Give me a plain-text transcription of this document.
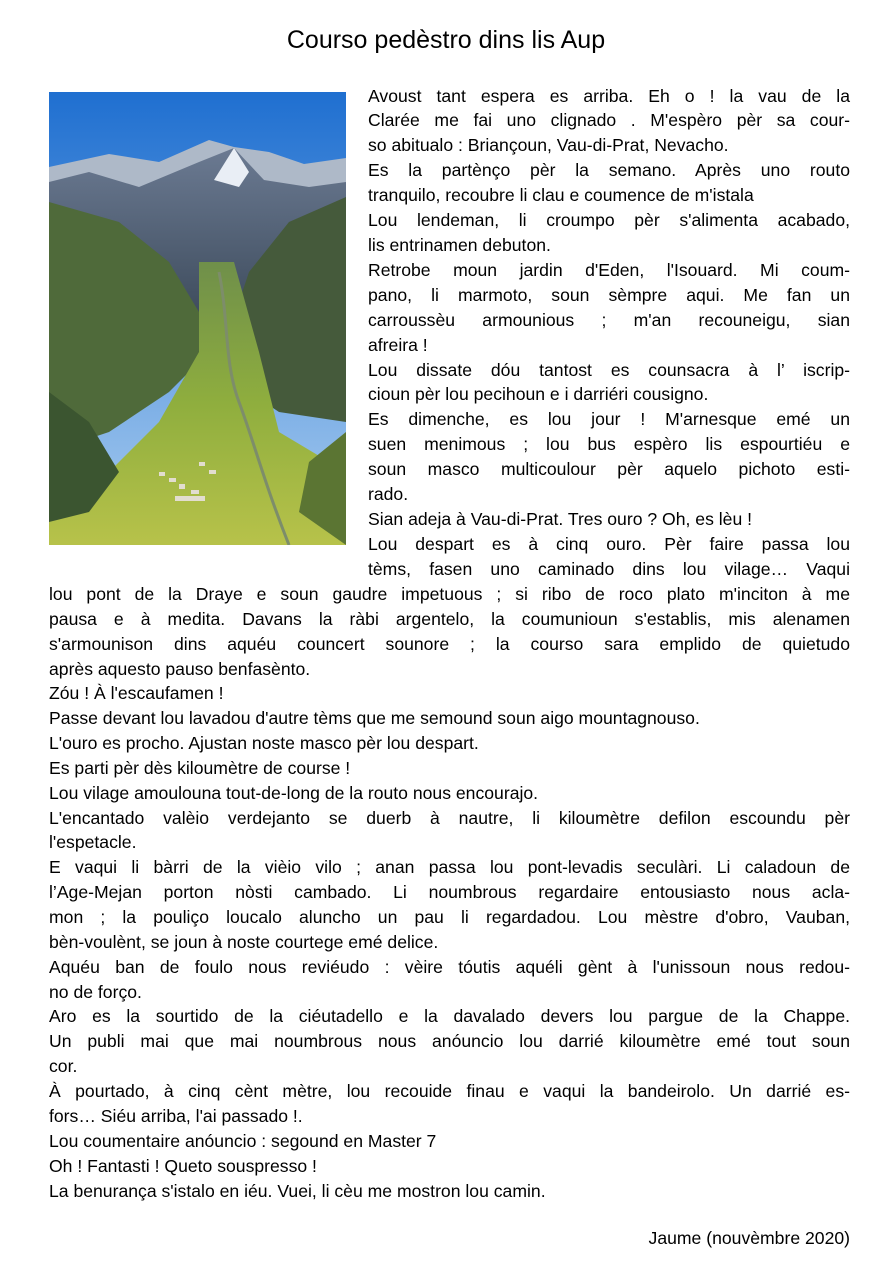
Courso pedèstro dins lis Aup
Avoust tant espera es arriba. Eh o ! la vau de la
Clarée me fai uno clignado . M'espèro pèr sa cour-
so abitualo : Briançoun, Vau-di-Prat, Nevacho.
Es la partènço pèr la semano. Après uno routo
tranquilo, recoubre li clau e coumence de m'istala
Lou lendeman, li croumpo pèr s'alimenta acabado,
lis entrinamen debuton.
Retrobe moun jardin d'Eden, l'Isouard. Mi coum-
pano, li marmoto, soun sèmpre aqui. Me fan un
carroussèu armounious ; m'an recouneigu, sian
afreira !
Lou dissate dóu tantost es counsacra à l’ iscrip-
cioun pèr lou pecihoun e i darriéri cousigno.
Es dimenche, es lou jour ! M'arnesque emé un
suen menimous ; lou bus espèro lis espourtiéu e
soun masco multicoulour pèr aquelo pichoto esti-
rado.
Sian adeja à Vau-di-Prat. Tres ouro ? Oh, es lèu !
Lou despart es à cinq ouro. Pèr faire passa lou
tèms, fasen uno caminado dins lou vilage… Vaqui
lou pont de la Draye e soun gaudre impetuous ; si ribo de roco plato m'inciton à me
pausa e à medita. Davans la ràbi argentelo, la coumunioun s'establis, mis alenamen
s'armounison dins aquéu councert sounore ; la courso sara emplido de quietudo
après aquesto pauso benfasènto.
Zóu ! À l'escaufamen !
Passe devant lou lavadou d'autre tèms que me semound soun aigo mountagnouso.
L'ouro es procho. Ajustan noste masco pèr lou despart.
Es parti pèr dès kiloumètre de course !
Lou vilage amoulouna tout-de-long de la routo nous encourajo.
L'encantado valèio verdejanto se duerb à nautre, li kiloumètre defilon escoundu pèr
l'espetacle.
E vaqui li bàrri de la vièio vilo ; anan passa lou pont-levadis seculàri. Li caladoun de
l’Age-Mejan porton nòsti cambado. Li noumbrous regardaire entousiasto nous acla-
mon ; la pouliço loucalo aluncho un pau li regardadou. Lou mèstre d'obro, Vauban,
bèn-voulènt, se joun à noste courtege emé delice.
Aquéu ban de foulo nous reviéudo : vèire tóutis aquéli gènt à l'unissoun nous redou-
no de forço.
Aro es la sourtido de la ciéutadello e la davalado devers lou pargue de la Chappe.
Un publi mai que mai noumbrous nous anóuncio lou darrié kiloumètre emé tout soun
cor.
À pourtado, à cinq cènt mètre, lou recouide finau e vaqui la bandeirolo. Un darrié es-
fors… Siéu arriba, l'ai passado !.
Lou coumentaire anóuncio : segound en Master 7
Oh ! Fantasti ! Queto souspresso !
La benurança s'istalo en iéu. Vuei, li cèu me mostron lou camin.
Jaume (nouvèmbre 2020)
